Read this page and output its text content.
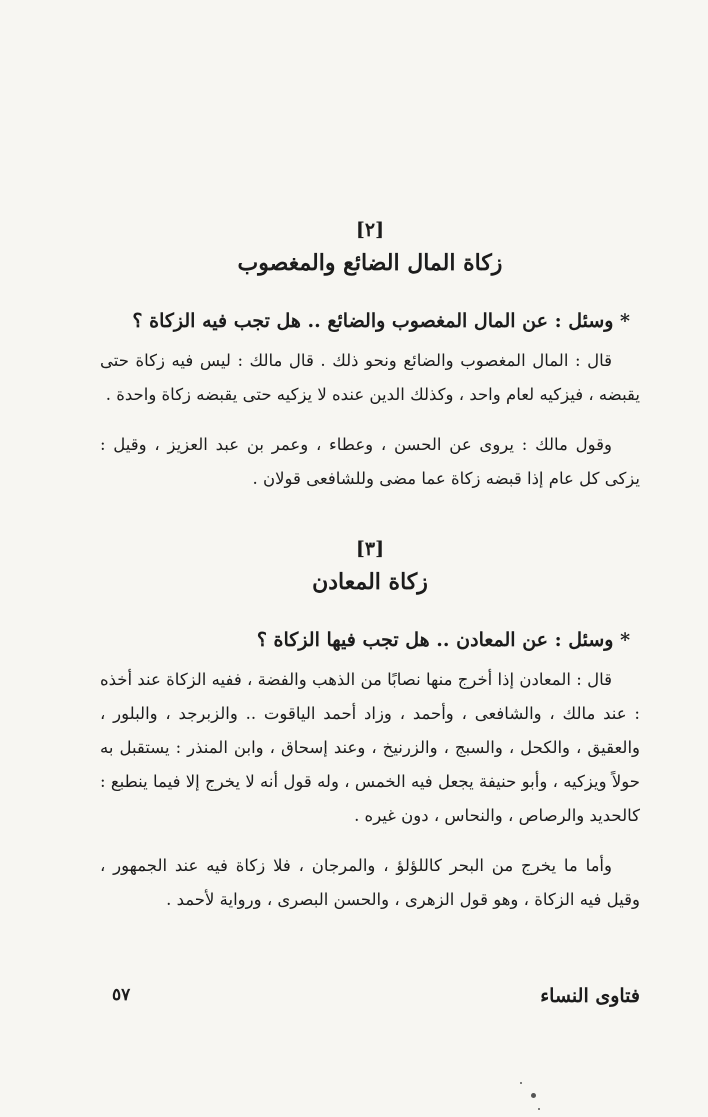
[٢]

زكاة المال الضائع والمغصوب

* وسئل : عن المال المغصوب والضائع .. هل تجب فيه الزكاة ؟

قال : المال المغصوب والضائع ونحو ذلك . قال مالك : ليس فيه زكاة حتى يقبضه ، فيزكيه لعام واحد ، وكذلك الدين عنده لا يزكيه حتى يقبضه زكاة واحدة .

وقول مالك : يروى عن الحسن ، وعطاء ، وعمر بن عبد العزيز ، وقيل : يزكى كل عام إذا قبضه زكاة عما مضى وللشافعى قولان .

[٣]

زكاة المعادن

* وسئل : عن المعادن .. هل تجب فيها الزكاة ؟

قال : المعادن إذا أخرج منها نصابًا من الذهب والفضة ، ففيه الزكاة عند أخذه : عند مالك ، والشافعى ، وأحمد ، وزاد أحمد الياقوت .. والزبرجد ، والبلور ، والعقيق ، والكحل ، والسبج ، والزرنيخ ، وعند إسحاق ، وابن المنذر : يستقبل به حولاً ويزكيه ، وأبو حنيفة يجعل فيه الخمس ، وله قول أنه لا يخرج إلا فيما ينطبع : كالحديد والرصاص ، والنحاس ، دون غيره .

وأما ما يخرج من البحر كاللؤلؤ ، والمرجان ، فلا زكاة فيه عند الجمهور ، وقيل فيه الزكاة ، وهو قول الزهرى ، والحسن البصرى ، ورواية لأحمد .

فتاوى النساء
٥٧
